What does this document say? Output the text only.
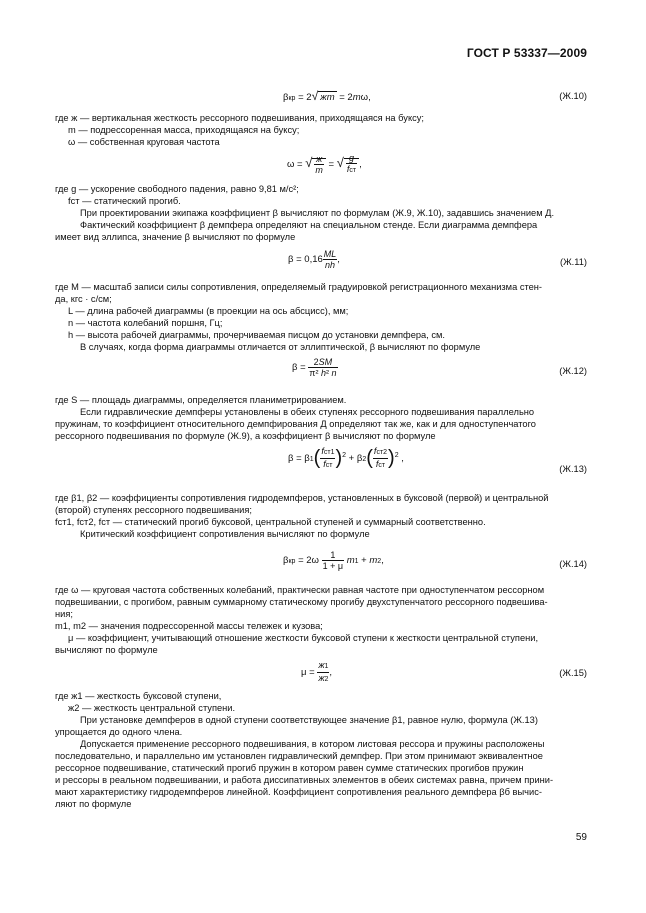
ГОСТ Р 53337—2009
βкр = 2√ жm = 2mω,	(Ж.10)
где ж — вертикальная жесткость рессорного подвешивания, приходящаяся на буксу;
m — подрессоренная масса, приходящаяся на буксу;
ω — собственная круговая частота
ω = √ $\frac{ж}{m}$ = √ $\frac{g}{\text{fст}}$ ,
где g — ускорение свободного падения, равно 9,81 м/с²;
fст — статический прогиб.
При проектировании экипажа коэффициент β вычисляют по формулам (Ж.9, Ж.10), задавшись значением Д.
Фактический коэффициент β демпфера определяют на специальном стенде. Если диаграмма демпфера
имеет вид эллипса, значение β вычисляют по формуле
$\beta = 0,16 \frac{ML}{nh}$ ,	(Ж.11)
где М — масштаб записи силы сопротивления, определяемый градуировкой регистрационного механизма стен-
да, кгс · с/см;
L — длина рабочей диаграммы (в проекции на ось абсцисс), мм;
n — частота колебаний поршня, Гц;
h — высота рабочей диаграммы, прочерчиваемая писцом до установки демпфера, см.
В случаях, когда форма диаграммы отличается от эллиптической, β вычисляют по формуле
$\beta = \frac{2SM}{\text{π² h² n}}$	(Ж.12)
где S — площадь диаграммы, определяется планиметрированием.
Если гидравлические демпферы установлены в обеих ступенях рессорного подвешивания параллельно
пружинам, то коэффициент относительного демпфирования Д определяют так же, как и для одноступенчатого
рессорного подвешивания по формуле (Ж.9), а коэффициент β вычисляют по формуле
$\beta = \beta 1( \frac{\text{fст1}}{\text{fст}} )^2 + \beta 2( \frac{\text{fст2}}{\text{fст}} )^2$ ,
(Ж.13)
где β1, β2 — коэффициенты сопротивления гидродемпферов, установленных в буксовой (первой) и центральной
(второй) ступенях рессорного подвешивания;
fст1, fст2, fст — статический прогиб буксовой, центральной ступеней и суммарный соответственно.
Критический коэффициент сопротивления вычисляют по формуле
$\beta кр = 2\omega \frac{1}{1 + \mu} m1 + m2$,	(Ж.14)
где ω — круговая частота собственных колебаний, практически равная частоте при одноступенчатом рессорном
подвешивании, с прогибом, равным суммарному статическому прогибу двухступенчатого рессорного подвешива-
ния;
m1, m2 — значения подрессоренной массы тележек и кузова;
μ — коэффициент, учитывающий отношение жесткости буксовой ступени к жесткости центральной ступени,
вычисляют по формуле
$\mu = \frac{ж1}{ж2}$ ,	(Ж.15)
где ж1 — жесткость буксовой ступени,
ж2 — жесткость центральной ступени.
При установке демпферов в одной ступени соответствующее значение β1, равное нулю, формула (Ж.13)
упрощается до одного члена.
Допускается применение рессорного подвешивания, в котором листовая рессора и пружины расположены
последовательно, и параллельно им установлен гидравлический демпфер. При этом принимают эквивалентное
рессорное подвешивание, статический прогиб пружин в котором равен сумме статических прогибов пружин
и рессоры в реальном подвешивании, и работа диссипативных элементов в обеих системах равна, причем прини-
мают характеристику гидродемпферов линейной. Коэффициент сопротивления реального демпфера βб вычис-
ляют по формуле
59
